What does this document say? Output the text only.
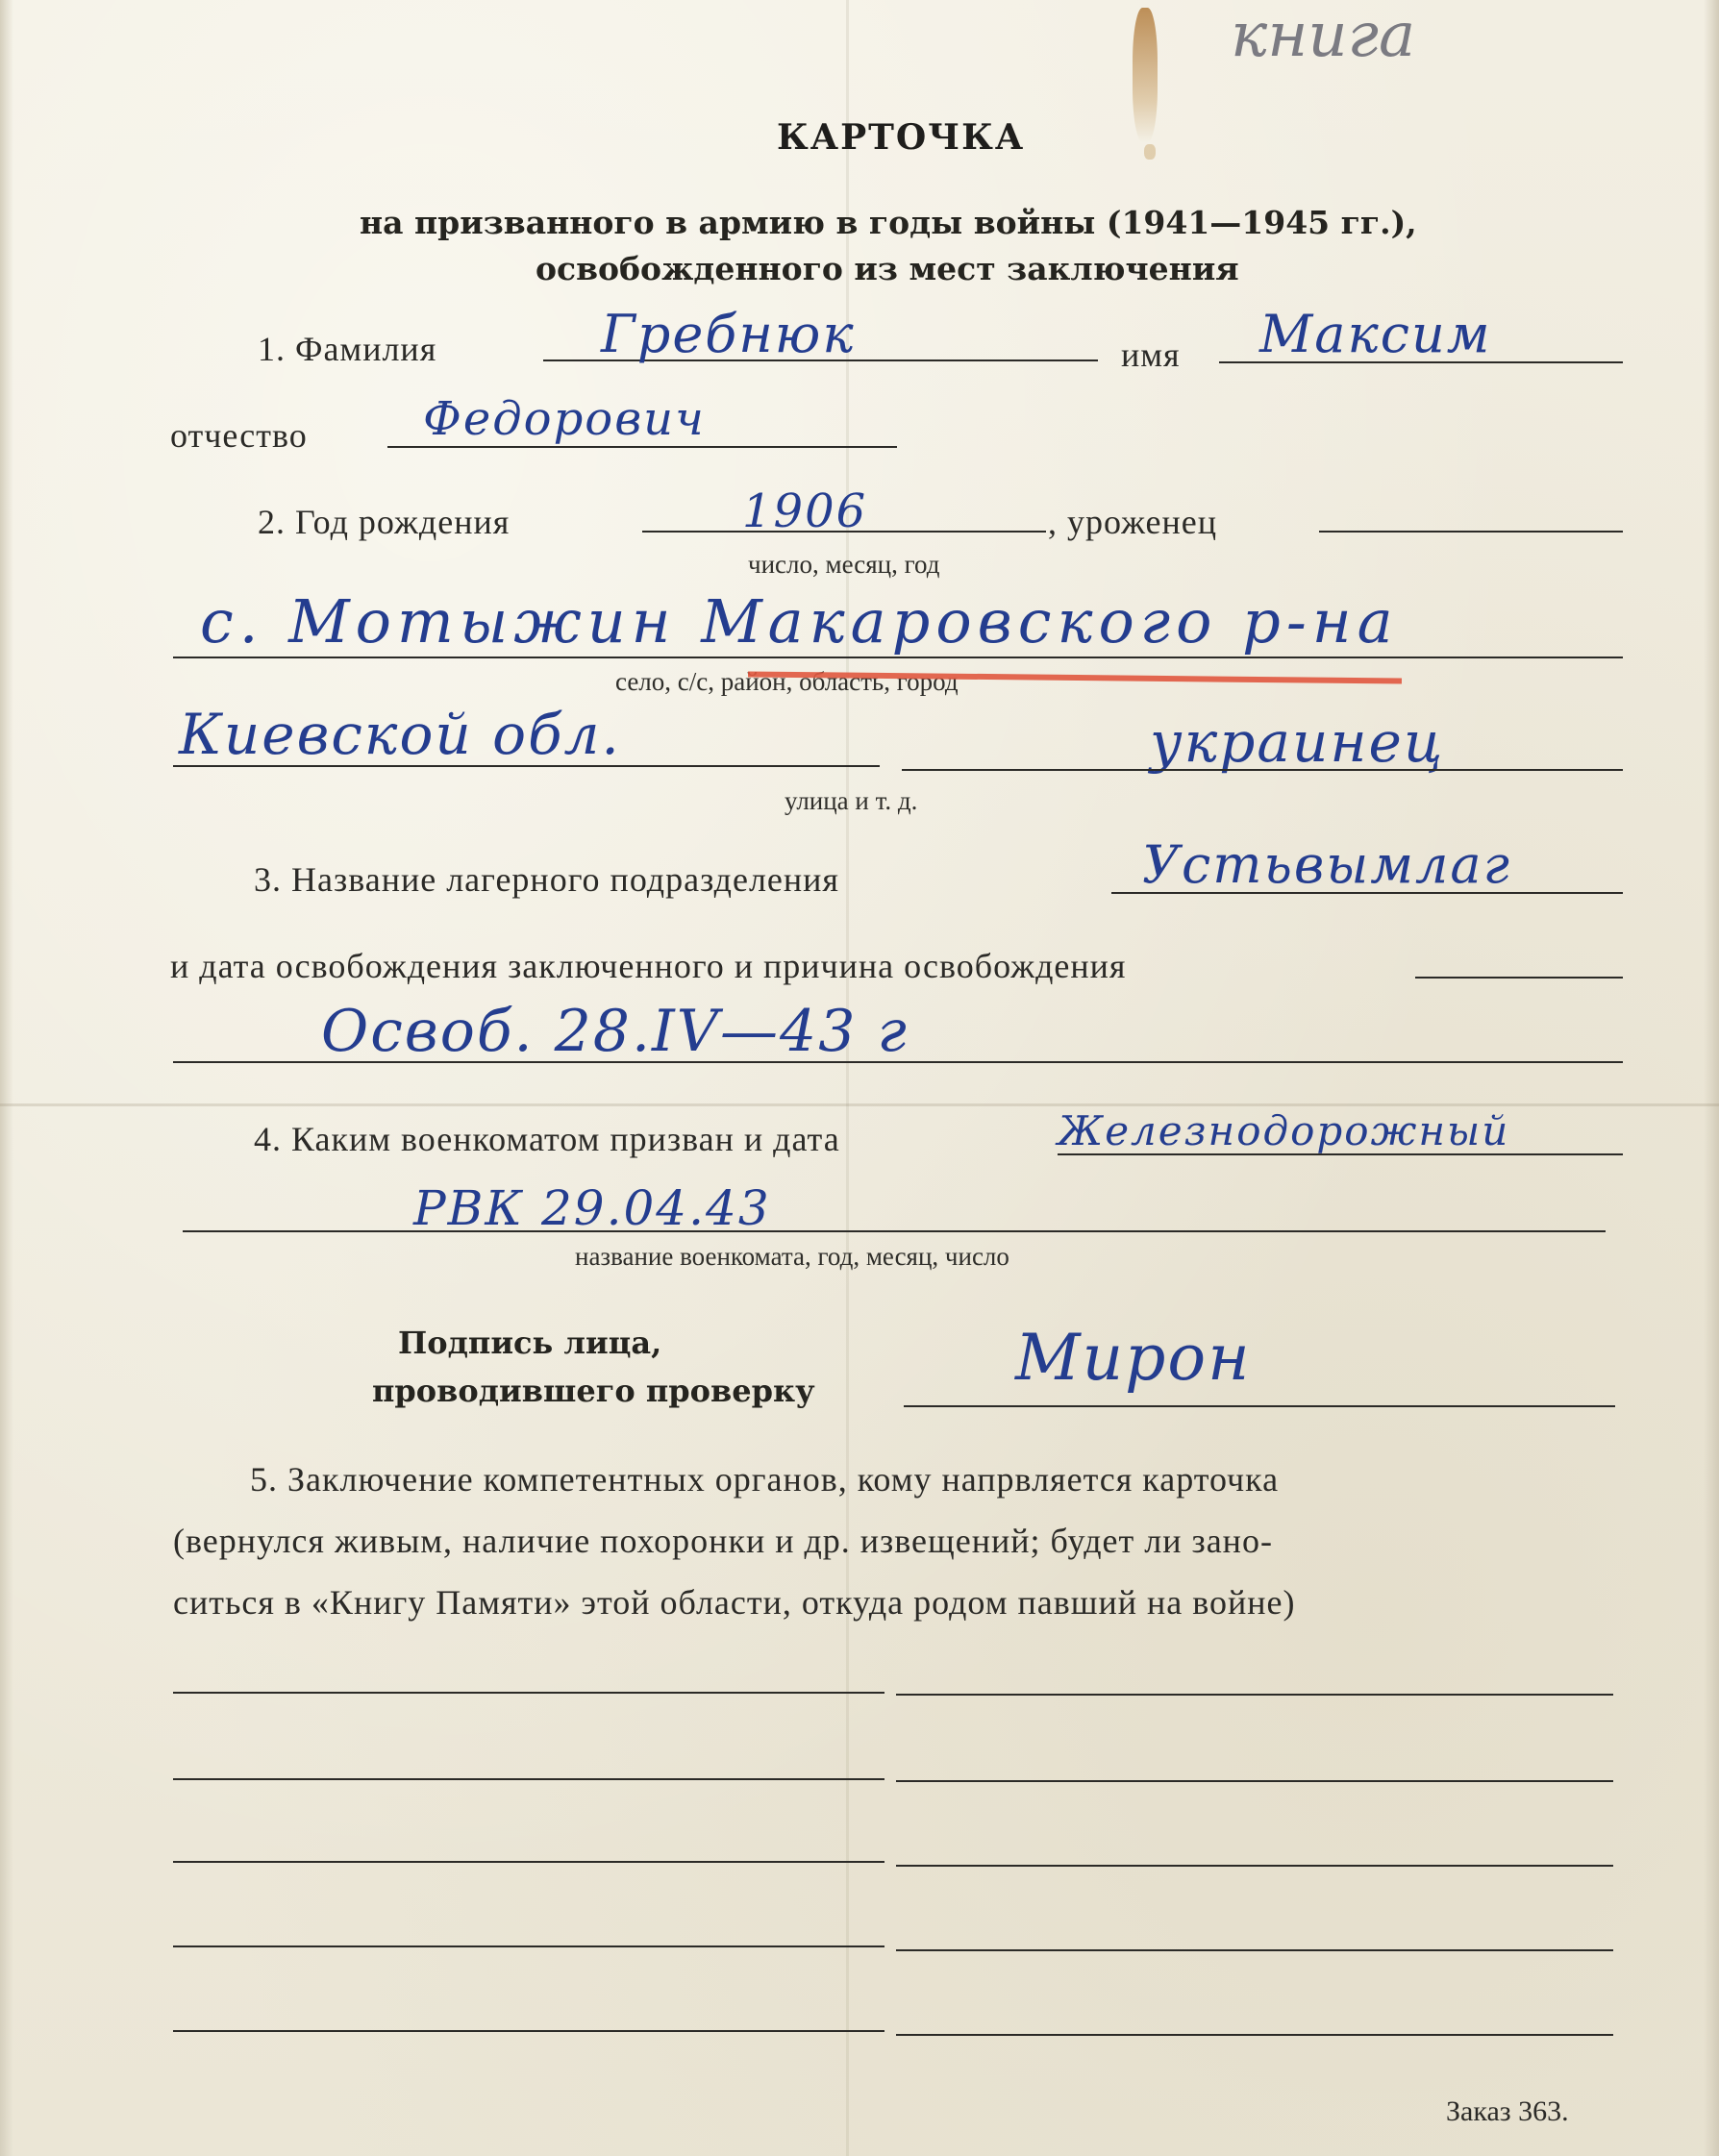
книга
КАРТОЧКА
на призванного в армию в годы войны (1941—1945 гг.),
освобожденного из мест заключения
1. Фамилия	Гребнюк	имя Максим
отчество	Федорович
2. Год рождения	1906	, уроженец
число, месяц, год
с. Мотыжин Макаровского р-на
село, с/с, район, область, город
Киевской обл.	украинец
улица и т. д.
3. Название лагерного подразделения	Устьвымлаг
и дата освобождения заключенного и причина освобождения
Освоб. 28.IV—43 г
4. Каким военкоматом призван и дата	Железнодорожный
РВК 29.04.43
название военкомата, год, месяц, число
Подпись лица,
проводившего проверку	Мирон
5. Заключение компетентных органов, кому напрвляется карточка
(вернулся живым, наличие похоронки и др. извещений; будет ли зано-
ситься в «Книгу Памяти» этой области, откуда родом павший на войне)
Заказ 363.
